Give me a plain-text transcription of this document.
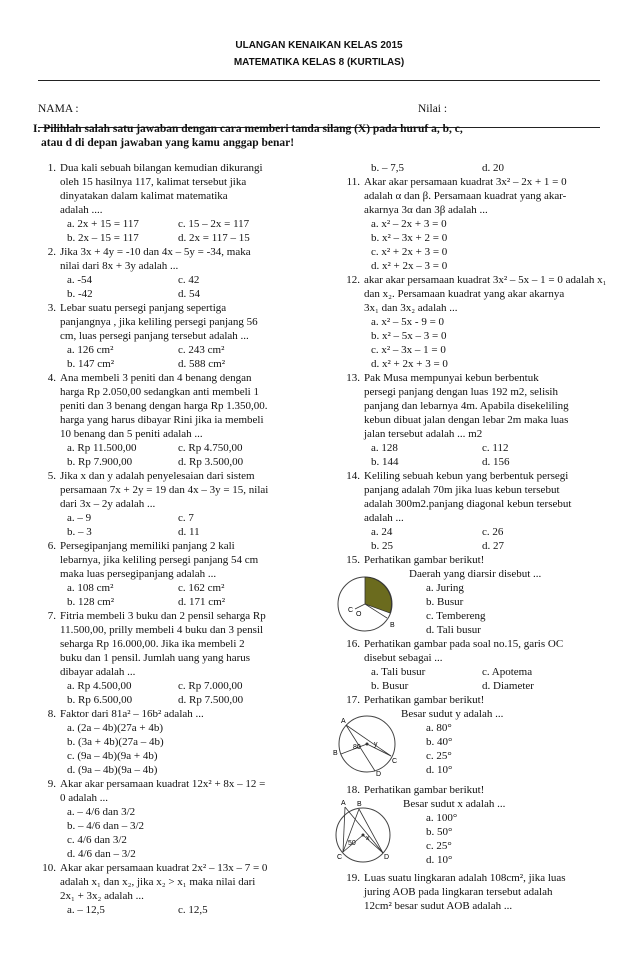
ULANGAN KENAIKAN KELAS 2015
MATEMATIKA KELAS 8 (KURTILAS)
NAMA :	Nilai :
I. Pilihlah salah satu jawaban dengan cara memberi tanda silang (X) pada huruf a, b, c,
atau d di depan jawaban yang kamu anggap benar!
1. Dua kali sebuah bilangan kemudian dikurangi
oleh 15 hasilnya 117, kalimat tersebut jika
dinyatakan dalam kalimat matematika
adalah ....
a. 2x + 15 = 117	c. 15 – 2x = 117
b. 2x – 15 = 117	d. 2x = 117 – 15
2. Jika 3x + 4y = -10 dan 4x – 5y = -34, maka
nilai dari 8x + 3y adalah ...
a. -54	c. 42
b. -42	d. 54
3. Lebar suatu persegi panjang sepertiga
panjangnya , jika keliling persegi panjang 56
cm, luas persegi panjang tersebut adalah ...
a. 126 cm²	c. 243 cm²
b. 147 cm²	d. 588 cm²
4. Ana membeli 3 peniti dan 4 benang dengan
harga Rp 2.050,00 sedangkan anti membeli 1
peniti dan 3 benang dengan harga Rp 1.350,00.
harga yang harus dibayar Rini jika ia membeli
10 benang dan 5 peniti adalah ...
a. Rp 11.500,00	c. Rp 4.750,00
b. Rp 7.900,00	d. Rp 3.500,00
5. Jika x dan y adalah penyelesaian dari sistem
persamaan 7x + 2y = 19 dan 4x – 3y = 15, nilai
dari 3x – 2y adalah ...
a. – 9	c. 7
b. – 3	d. 11
6. Persegipanjang memiliki panjang 2 kali
lebarnya, jika keliling persegi panjang 54 cm
maka luas persegipanjang adalah ...
a. 108 cm²	c. 162 cm²
b. 128 cm²	d. 171 cm²
7. Fitria membeli 3 buku dan 2 pensil seharga Rp
11.500,00, prilly membeli 4 buku dan 3 pensil
seharga Rp 16.000,00. Jika ika membeli 2
buku dan 1 pensil. Jumlah uang yang harus
dibayar adalah ...
a. Rp 4.500,00	c. Rp 7.000,00
b. Rp 6.500,00	d. Rp 7.500,00
8. Faktor dari 81a² – 16b² adalah ...
a. (2a – 4b)(27a + 4b)
b. (3a + 4b)(27a – 4b)
c. (9a – 4b)(9a + 4b)
d. (9a – 4b)(9a – 4b)
9. Akar akar persamaan kuadrat 12x² + 8x – 12 =
0 adalah ...
a. – 4/6 dan 3/2
b. – 4/6 dan – 3/2
c. 4/6 dan 3/2
d. 4/6 dan – 3/2
10. Akar akar persamaan kuadrat 2x² – 13x – 7 = 0
adalah x₁ dan x₂, jika x₂ > x₁ maka nilai dari
2x₁ + 3x₂ adalah ...
a. – 12,5	c. 12,5
b. – 7,5	d. 20
11. Akar akar persamaan kuadrat 3x² – 2x + 1 = 0
adalah α dan β. Persamaan kuadrat yang akar-
akarnya 3α dan 3β adalah ...
a. x² – 2x + 3 = 0
b. x² – 3x + 2 = 0
c. x² + 2x + 3 = 0
d. x² + 2x – 3 = 0
12. akar akar persamaan kuadrat 3x² – 5x – 1 = 0 adalah x₁
dan x₂. Persamaan kuadrat yang akar akarnya
3x₁ dan 3x₂ adalah ...
a. x² – 5x - 9 = 0
b. x² – 5x – 3 = 0
c. x² – 3x – 1 = 0
d. x² + 2x + 3 = 0
13. Pak Musa mempunyai kebun berbentuk
persegi panjang dengan luas 192 m2, selisih
panjang dan lebarnya 4m. Apabila disekeliling
kebun dibuat jalan dengan lebar 2m maka luas
jalan tersebut adalah ... m2
a. 128	c. 112
b. 144	d. 156
14. Keliling sebuah kebun yang berbentuk persegi
panjang adalah 70m jika luas kebun tersebut
adalah 300m2.panjang diagonal kebun tersebut
adalah ...
a. 24	c. 26
b. 25	d. 27
15. Perhatikan gambar berikut!
Daerah yang diarsir disebut ...
a. Juring
b. Busur
c. Tembereng
d. Tali busur
O
B
C
16. Perhatikan gambar pada soal no.15, garis OC
disebut sebagai ...
a. Tali busur	c. Apotema
b. Busur	d. Diameter
17. Perhatikan gambar berikut!
Besar sudut y adalah ...
a. 80°
b. 40°
c. 25°
d. 10°
A
B
C
D
80 y
18. Perhatikan gambar berikut!
Besar sudut x adalah ...
a. 100°
b. 50°
c. 25°
d. 10°
A B
C	D
50
x
19. Luas suatu lingkaran adalah 108cm², jika luas
juring AOB pada lingkaran tersebut adalah
12cm² besar sudut AOB adalah ...
